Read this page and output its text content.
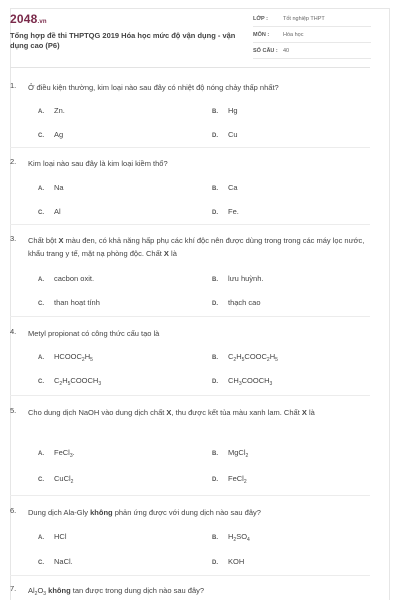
2048.vn
Tổng hợp đề thi THPTQG 2019 Hóa học mức độ vận dụng - vận dụng cao (P6)
LỚP :	Tốt nghiệp THPT
MÔN :	Hóa học
SỐ CÂU : 40
1. Ở điều kiện thường, kim loại nào sau đây có nhiệt độ nóng chảy thấp nhất?
A. Zn.	B. Hg
C. Ag	D. Cu
2. Kim loại nào sau đây là kim loại kiềm thổ?
A. Na	B. Ca
C. Al	D. Fe.
3. Chất bột X màu đen, có khả năng hấp phụ các khí độc nên được dùng trong trong các máy lọc nước, khẩu trang y tế, mặt nạ phòng độc. Chất X là
A. cacbon oxit.	B. lưu huỳnh.
C. than hoạt tính	D. thạch cao
4. Metyl propionat có công thức cấu tạo là
A. $HCOOC_2H_5$	B. $C_2H_5COOC_2H_5$
C. $C_2H_5COOCH_3$	D. $CH_3COOCH_3$
5. Cho dung dịch NaOH vào dung dịch chất X, thu được kết tủa màu xanh lam. Chất X là
A. FeCl$_3$.	B. MgCl$_2$
C. CuCl$_2$	D. FeCl$_2$
6. Dung dịch Ala-Gly không phản ứng được với dung dịch nào sau đây?
A. HCl	B. $H_2SO_4$
C. NaCl.	D. KOH
7. $Al_2O_3$ không tan được trong dung dịch nào sau đây?
